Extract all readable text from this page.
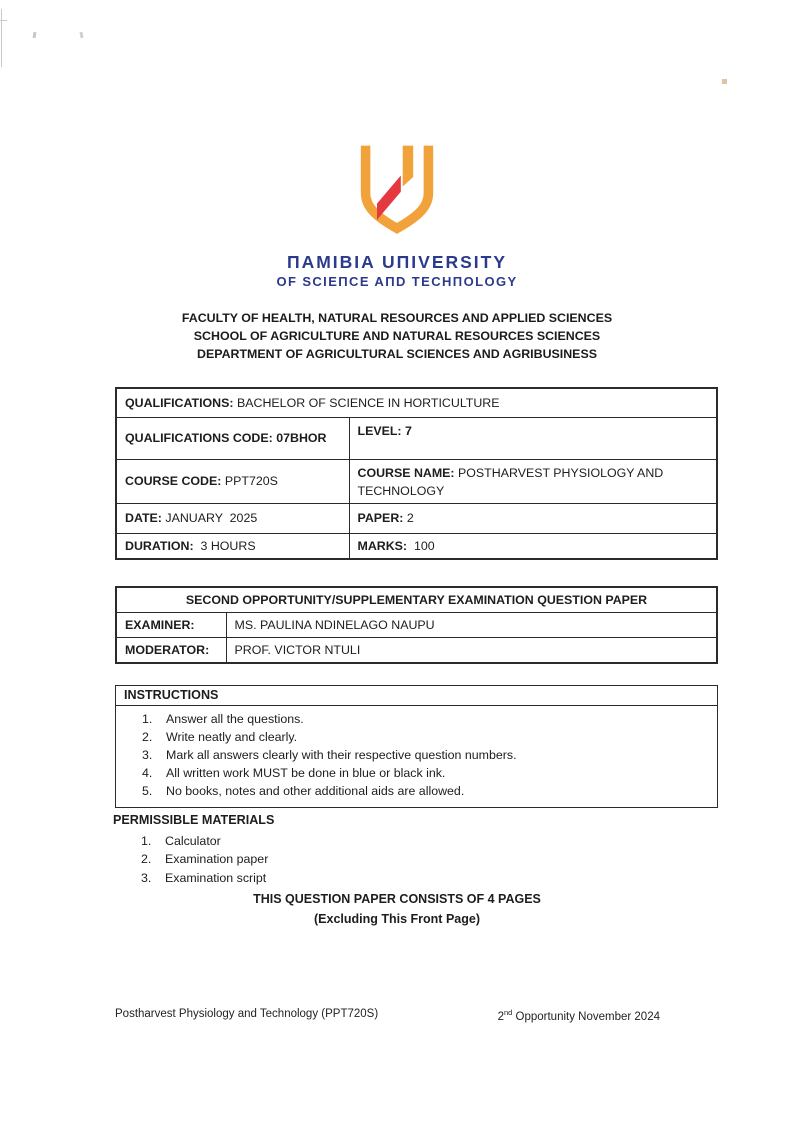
ΠAMIBIA UΠIVERSITY
OF SCIEΠCE AΠD TECHΠOLOGY
FACULTY OF HEALTH, NATURAL RESOURCES AND APPLIED SCIENCES
SCHOOL OF AGRICULTURE AND NATURAL RESOURCES SCIENCES
DEPARTMENT OF AGRICULTURAL SCIENCES AND AGRIBUSINESS
QUALIFICATIONS: BACHELOR OF SCIENCE IN HORTICULTURE	
QUALIFICATIONS CODE: 07BHOR	LEVEL: 7
COURSE CODE: PPT720S	COURSE NAME: POSTHARVEST PHYSIOLOGY AND TECHNOLOGY
DATE: JANUARY  2025	PAPER: 2
DURATION: 3 HOURS	MARKS: 100
SECOND OPPORTUNITY/SUPPLEMENTARY EXAMINATION QUESTION PAPER	
EXAMINER:	MS. PAULINA NDINELAGO NAUPU
MODERATOR:	PROF. VICTOR NTULI
INSTRUCTIONS
1.	Answer all the questions.
2.	Write neatly and clearly.
3.	Mark all answers clearly with their respective question numbers.
4.	All written work MUST be done in blue or black ink.
5.	No books, notes and other additional aids are allowed.
PERMISSIBLE MATERIALS
1.	Calculator
2.	Examination paper
3.	Examination script
THIS QUESTION PAPER CONSISTS OF 4 PAGES
(Excluding This Front Page)
Postharvest Physiology and Technology (PPT720S)	2nd Opportunity November 2024
